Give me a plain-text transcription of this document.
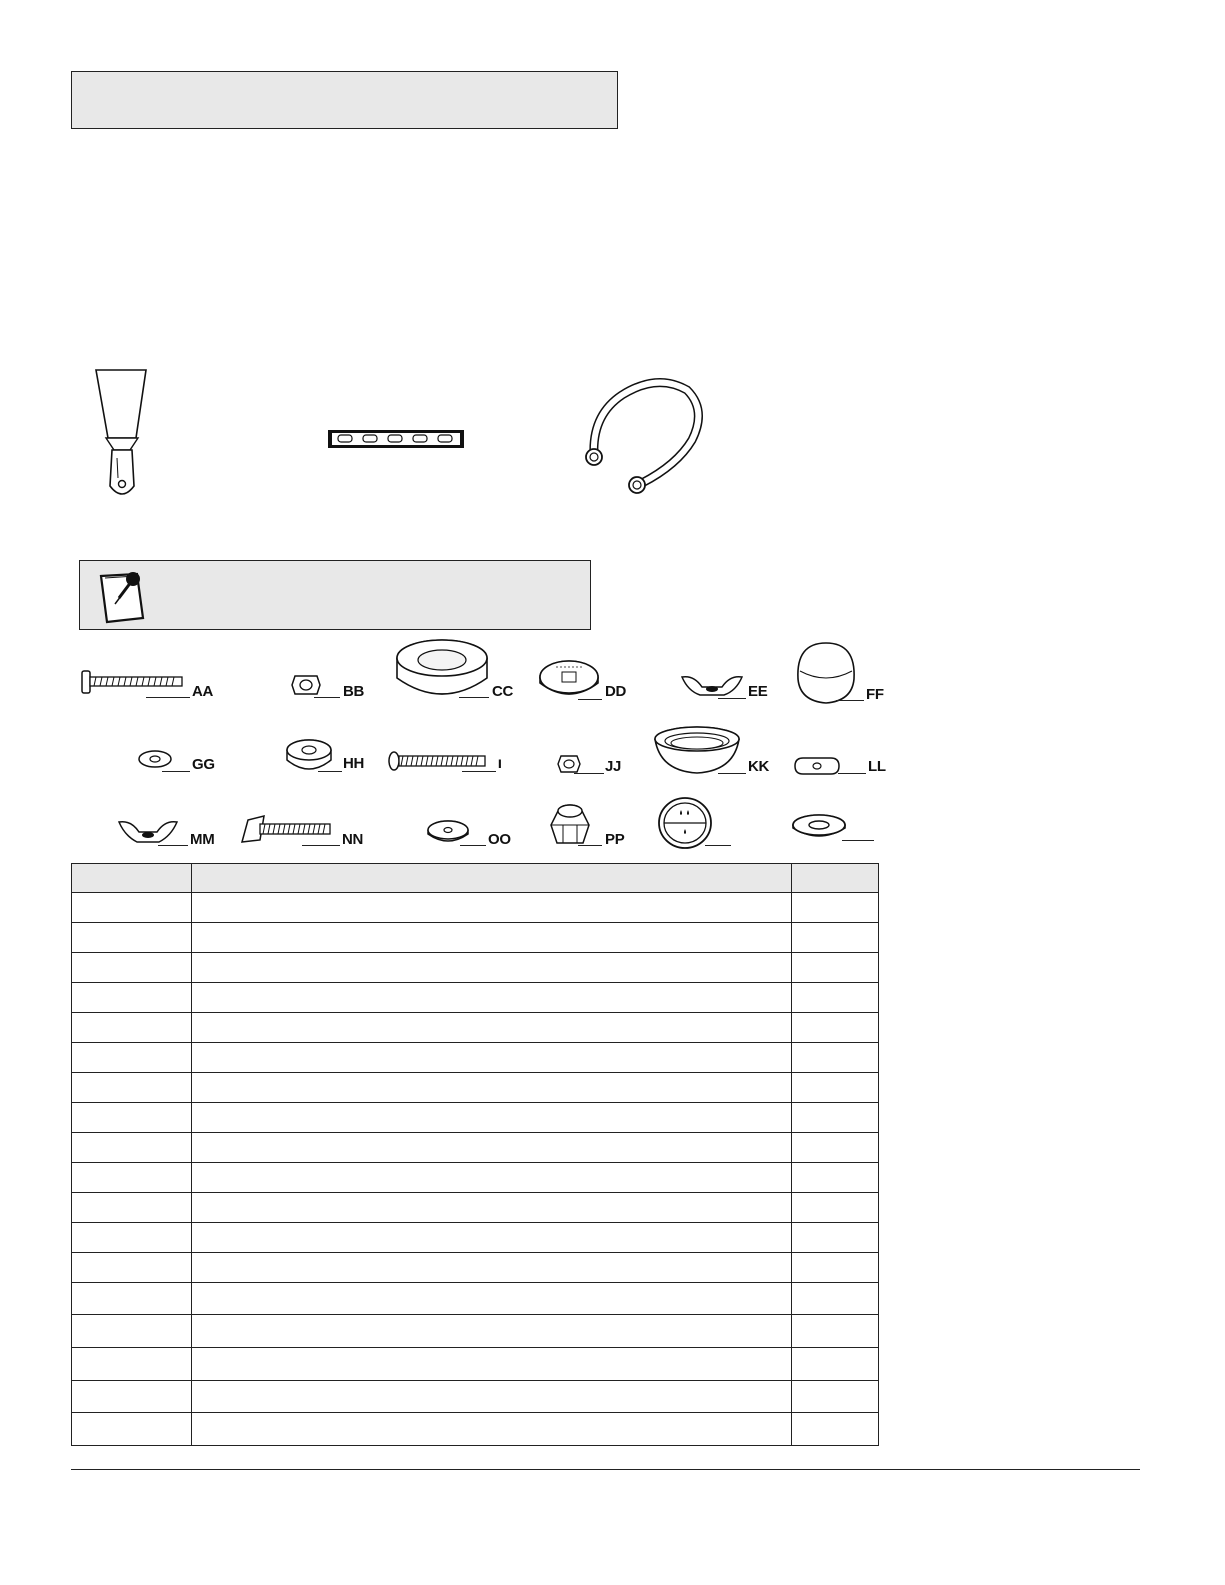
AA	BB	CC	DD	EE	FF
GG	HH	II	JJ	KK	LL
MM	NN	OO	PP
